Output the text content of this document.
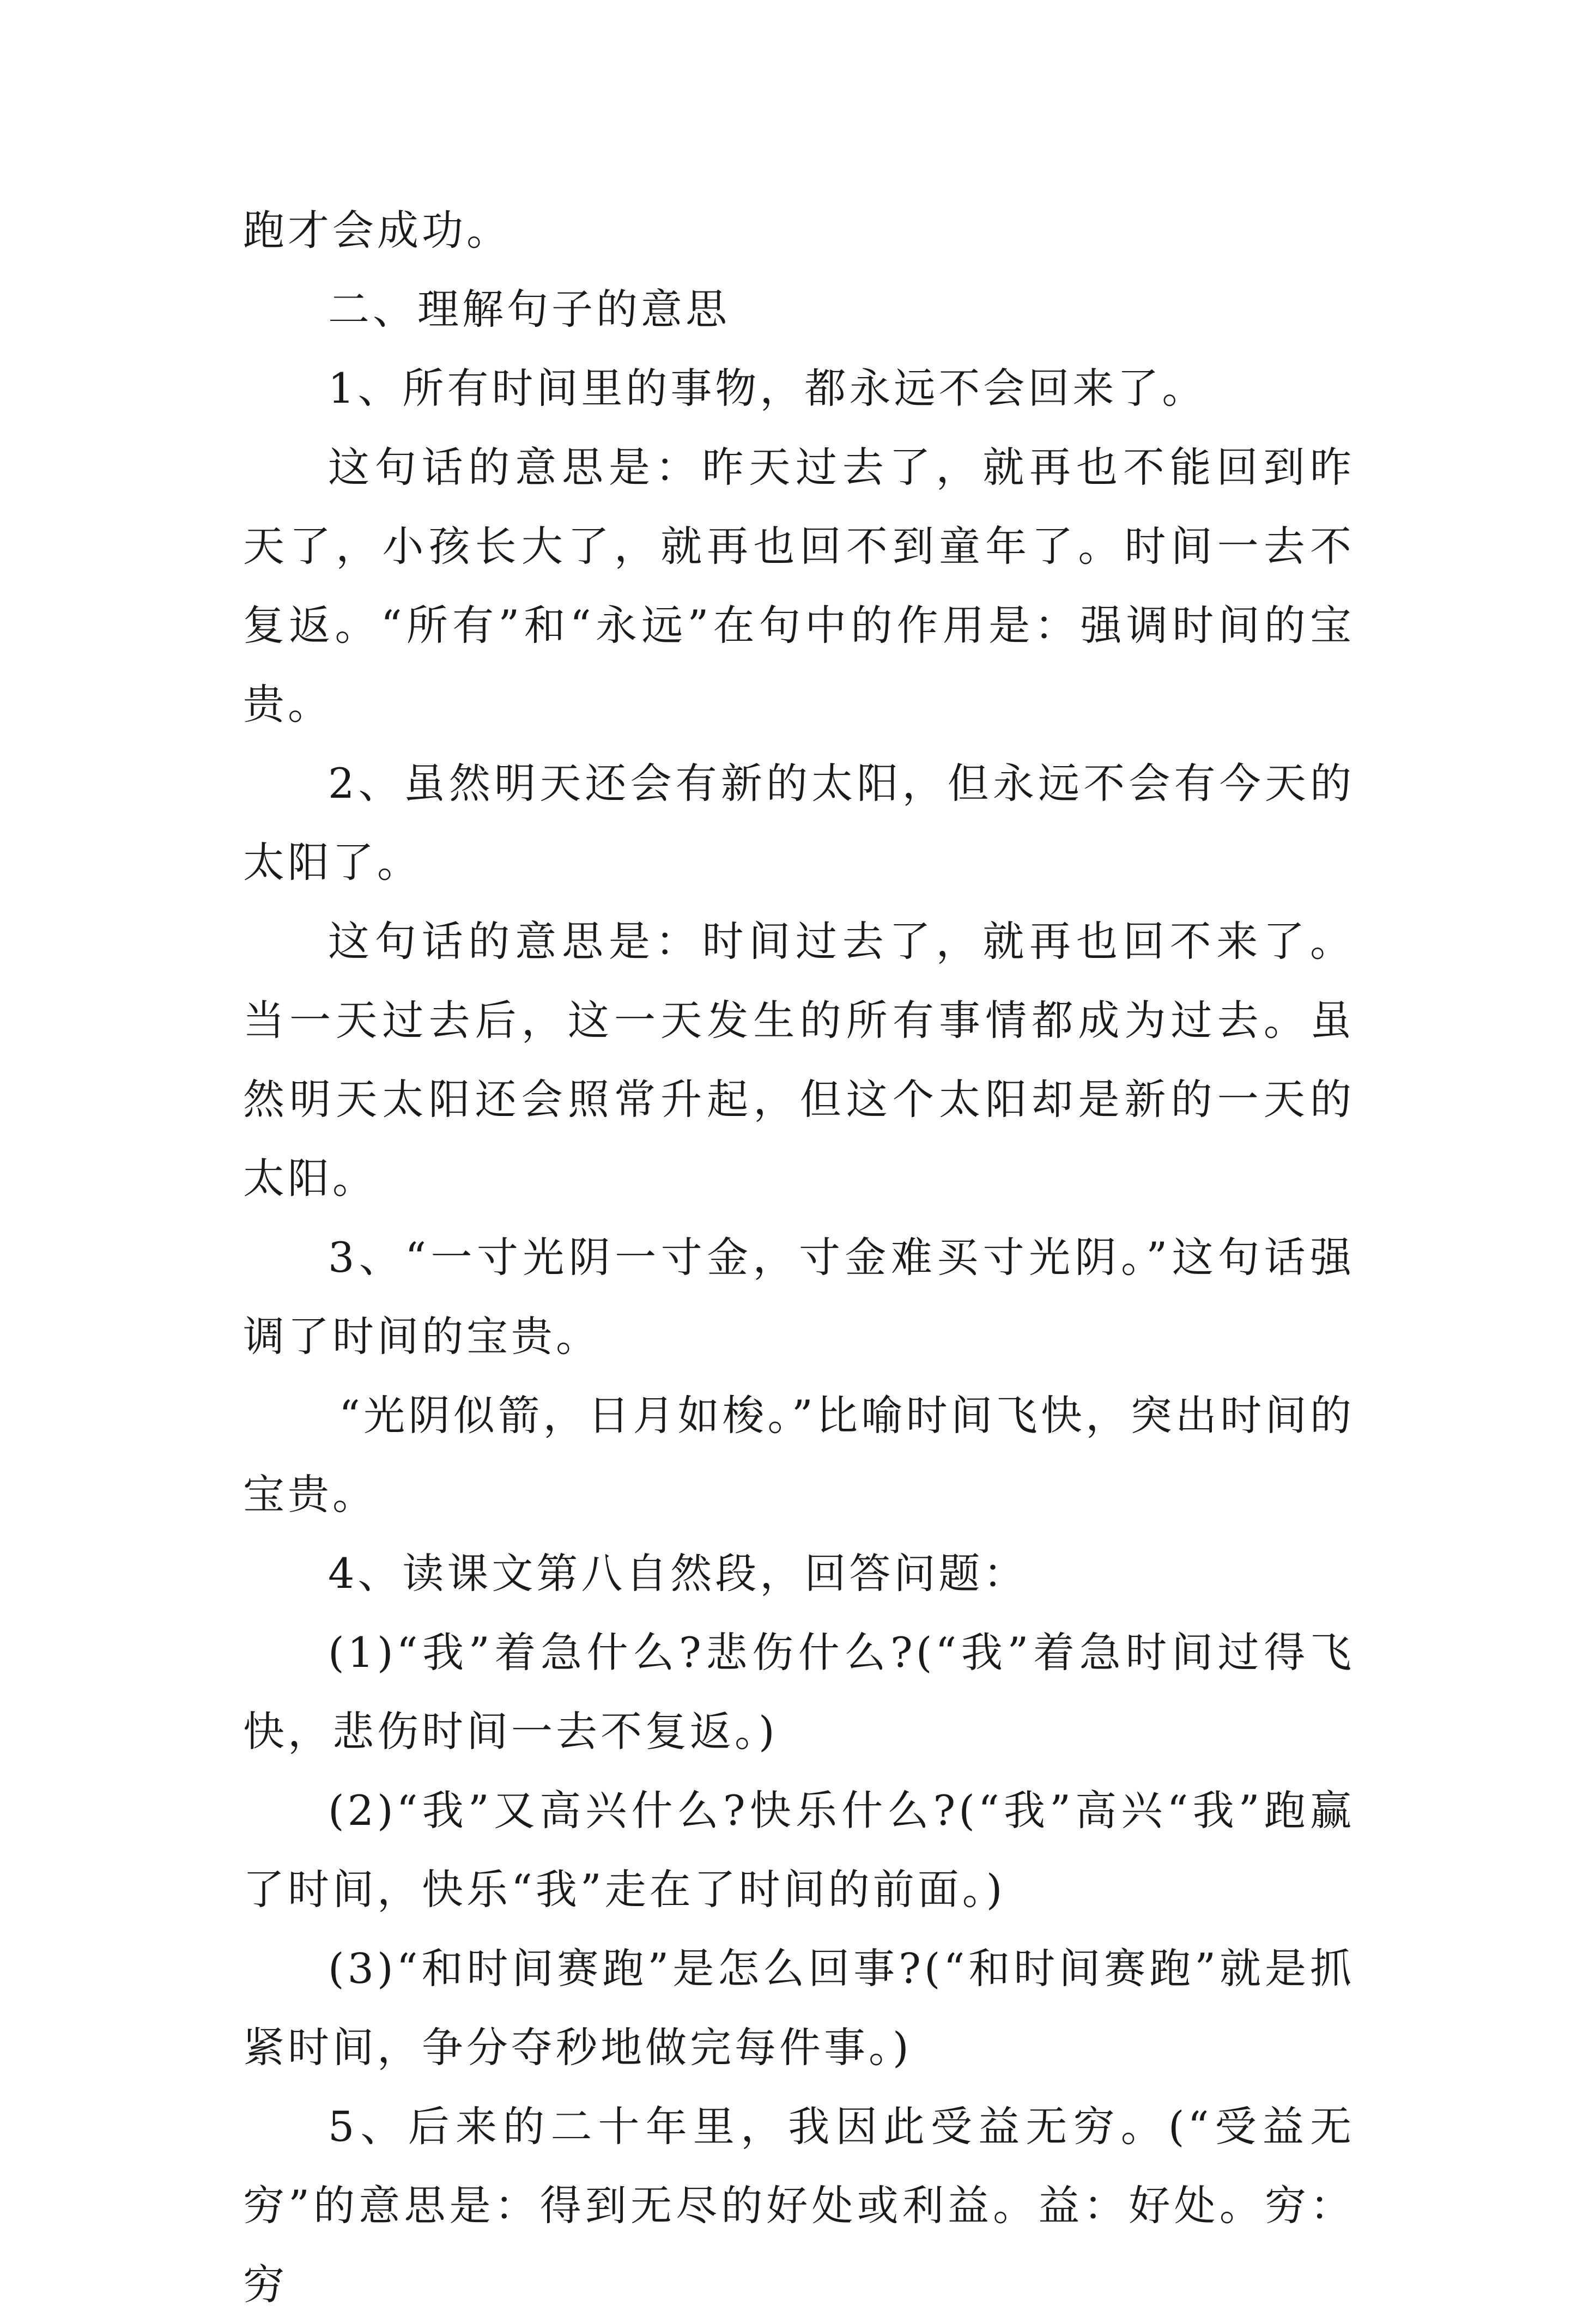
跑才会成功。

二、理解句子的意思

1、所有时间里的事物，都永远不会回来了。

这句话的意思是：昨天过去了，就再也不能回到昨天了，小孩长大了，就再也回不到童年了。时间一去不复返。“所有”和“永远”在句中的作用是：强调时间的宝贵。

2、虽然明天还会有新的太阳，但永远不会有今天的太阳了。

这句话的意思是：时间过去了，就再也回不来了。当一天过去后，这一天发生的所有事情都成为过去。虽然明天太阳还会照常升起，但这个太阳却是新的一天的太阳。

3、“一寸光阴一寸金，寸金难买寸光阴。”这句话强调了时间的宝贵。

“光阴似箭，日月如梭。”比喻时间飞快，突出时间的宝贵。

4、读课文第八自然段，回答问题：

(1)“我”着急什么?悲伤什么?(“我”着急时间过得飞快，悲伤时间一去不复返。)

(2)“我”又高兴什么?快乐什么?(“我”高兴“我”跑赢了时间，快乐“我”走在了时间的前面。)

(3)“和时间赛跑”是怎么回事?(“和时间赛跑”就是抓紧时间，争分夺秒地做完每件事。)

5、后来的二十年里，我因此受益无穷。(“受益无穷”的意思是：得到无尽的好处或利益。益：好处。穷：穷
